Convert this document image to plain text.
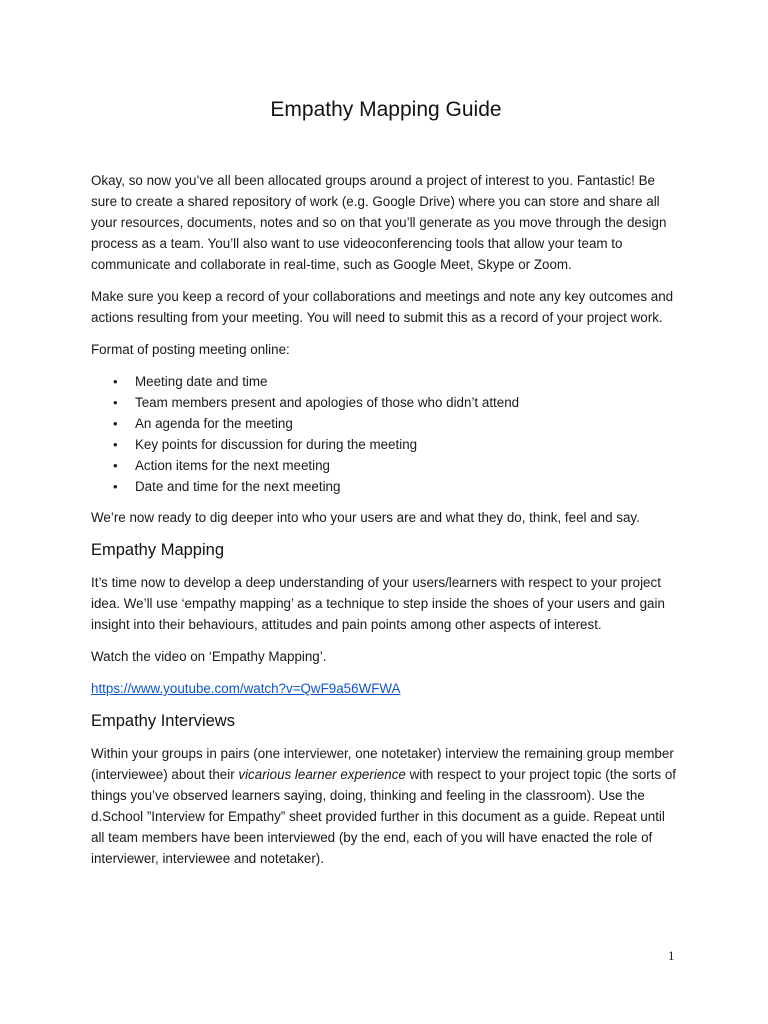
Empathy Mapping Guide

Okay, so now you’ve all been allocated groups around a project of interest to you. Fantastic! Be sure to create a shared repository of work (e.g. Google Drive) where you can store and share all your resources, documents, notes and so on that you’ll generate as you move through the design process as a team. You’ll also want to use videoconferencing tools that allow your team to communicate and collaborate in real-time, such as Google Meet, Skype or Zoom.

Make sure you keep a record of your collaborations and meetings and note any key outcomes and actions resulting from your meeting. You will need to submit this as a record of your project work.

Format of posting meeting online:

• Meeting date and time
• Team members present and apologies of those who didn’t attend
• An agenda for the meeting
• Key points for discussion for during the meeting
• Action items for the next meeting
• Date and time for the next meeting

We’re now ready to dig deeper into who your users are and what they do, think, feel and say.

Empathy Mapping

It’s time now to develop a deep understanding of your users/learners with respect to your project idea. We’ll use ‘empathy mapping’ as a technique to step inside the shoes of your users and gain insight into their behaviours, attitudes and pain points among other aspects of interest.

Watch the video on ‘Empathy Mapping’.

https://www.youtube.com/watch?v=QwF9a56WFWA

Empathy Interviews

Within your groups in pairs (one interviewer, one notetaker) interview the remaining group member (interviewee) about their vicarious learner experience with respect to your project topic (the sorts of things you’ve observed learners saying, doing, thinking and feeling in the classroom). Use the d.School ”Interview for Empathy” sheet provided further in this document as a guide. Repeat until all team members have been interviewed (by the end, each of you will have enacted the role of interviewer, interviewee and notetaker).

1
